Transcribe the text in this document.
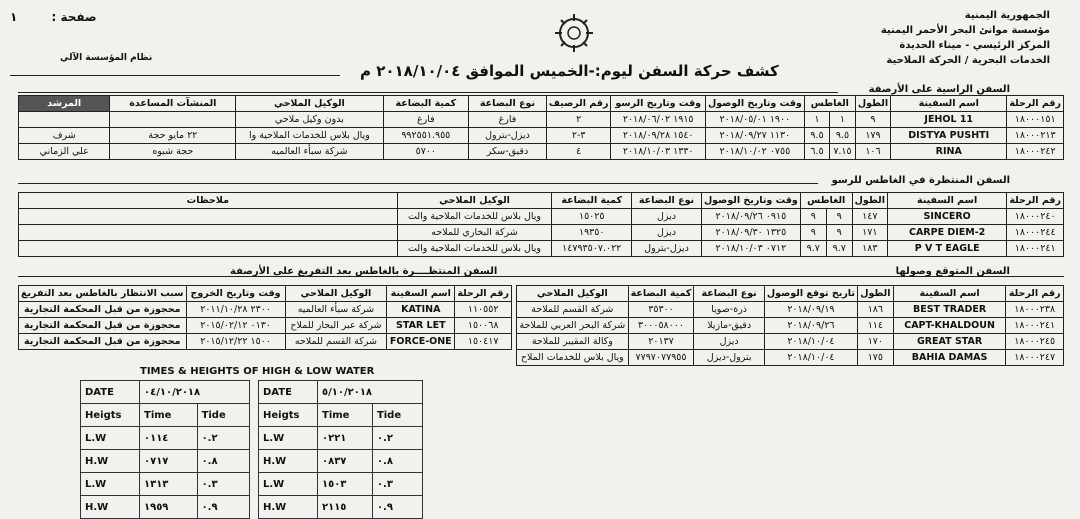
الجمهورية اليمنية
مؤسسة موانئ البحر الأحمر اليمنية
المركز الرئيسي - ميناء الحديدة
الخدمات البحرية / الحركة الملاحية
صفحة : ١
نظام المؤسسة الآلي
كشف حركة السفن ليوم:-الخميس الموافق ٢٠١٨/١٠/٠٤ م
السفن الراسية على الأرصفة
رقم الرحلة	اسم السفينة	الطول	الغاطس		وقت وتاريخ الوصول	وقت وتاريخ الرسو	رقم الرصيف	نوع البضاعة	كمية البضاعة	الوكيل الملاحي	المنشآت المساعدة	المرشد
١٨٠٠٠١٥١	JEHOL 11	٩	١	١	١٩٠٠ ٢٠١٨/٠٥/٠١	١٩١٥ ٢٠١٨/٠٦/٠٢	٢	فارغ	فارغ	بدون وكيل ملاحي		
١٨٠٠٠٢١٣	DISTYA PUSHTI	١٧٩	٩.٥	٩.٥	١١٣٠ ٢٠١٨/٠٩/٢٧	١٥٤٠ ٢٠١٨/٠٩/٢٨	٣-٢	ديزل-بترول	٩٩٢٥٥١.٩٥٥	ويال بلاس للخدمات الملاحية وا	٢٢ مايو حجة	شرف
١٨٠٠٠٢٤٢	RINA	١٠٦	٧.١٥	٦.٥	٠٧٥٥ ٢٠١٨/١٠/٠٢	١٣٣٠ ٢٠١٨/١٠/٠٣	٤	دقيق-سكر	٥٧٠٠	شركة سبأء العالميه	حجة شبوه	علي الزماني
السفن المنتظرة في الغاطس للرسو
رقم الرحلة	اسم السفينة	الطول	الغاطس		وقت وتاريخ الوصول	نوع البضاعة	كمية البضاعة	الوكيل الملاحي	ملاحظات
١٨٠٠٠٢٤٠	SINCERO	١٤٧	٩	٩	٠٩١٥ ٢٠١٨/٠٩/٢٦	ديزل	١٥٠٢٥	ويال بلاس للخدمات الملاحية والت	
١٨٠٠٠٢٤٤	CARPE DIEM-2	١٧١	٩	٩	١٣٢٥ ٢٠١٨/٠٩/٣٠	ديزل	١٩٣٥٠	شركة البخاري للملاحه	
١٨٠٠٠٢٤١	P V T EAGLE	١٨٣	٩.٧	٩.٧	٠٧١٢ ٢٠١٨/١٠/٠٣	ديزل-بترول	١٤٧٩٣٥٠٧.٠٢٢	ويال بلاس للخدمات الملاحية والت	
السفن المتوقع وصولها
السفن المنتظــــرة بالغاطس بعد التفريغ على الأرصفة
رقم الرحلة	اسم السفينة	الطول	تاريخ توقع الوصول	نوع البضاعة	كمية البضاعة	الوكيل الملاحي
١٨٠٠٠٢٣٨	BEST TRADER	١٨٦	٢٠١٨/٠٩/١٩	ذرة-صويا	٣٥٣٠٠	شركة القسم للملاحة
١٨٠٠٠٢٤١	CAPT-KHALDOUN	١١٤	٢٠١٨/٠٩/٢٦	دقيق-مازيلا	٣٠٠٠٥٨٠٠٠	شركة البحر العربي للملاحة
١٨٠٠٠٢٤٥	GREAT STAR	١٧٠	٢٠١٨/١٠/٠٤	ديزل	٢٠١٣٧	وكالة المقيبر للملاحة
١٨٠٠٠٢٤٧	BAHIA DAMAS	١٧٥	٢٠١٨/١٠/٠٤	بترول-ديزل	٧٧٩٧٠٧٧٩٥٥	ويال بلاس للخدمات الملاح
رقم الرحلة	اسم السفينة	الوكيل الملاحي	وقت وتاريخ الخروج	سبب الانتظار بالغاطس بعد التفريغ
١١٠٥٥٢	KATINA	شركة سبأء العالميه	٢٣٠٠ ٢٠١١/١٠/٢٨	محجوزة من قبل المحكمة التجارية
١٥٠٠٦٨	STAR LET	شركة عبر البحار للملاح	٠١٣٠ ٢٠١٥/٠٢/١٢	محجوزة من قبل المحكمة التجارية
١٥٠٤١٧	FORCE-ONE	شركة القسم للملاحه	١٥٠٠ ٢٠١٥/١٢/٢٢	محجوزة من قبل المحكمة التجارية
TIMES & HEIGHTS OF HIGH & LOW WATER
DATE	٠٤/١٠/٢٠١٨	
Heigts	Time	Tide
L.W	٠١١٤	٠.٢
H.W	٠٧١٧	٠.٨
L.W	١٣١٣	٠.٣
H.W	١٩٥٩	٠.٩
DATE	٥/١٠/٢٠١٨	
Heigts	Time	Tide
L.W	٠٢٢١	٠.٢
H.W	٠٨٣٧	٠.٨
L.W	١٥٠٣	٠.٣
H.W	٢١١٥	٠.٩
